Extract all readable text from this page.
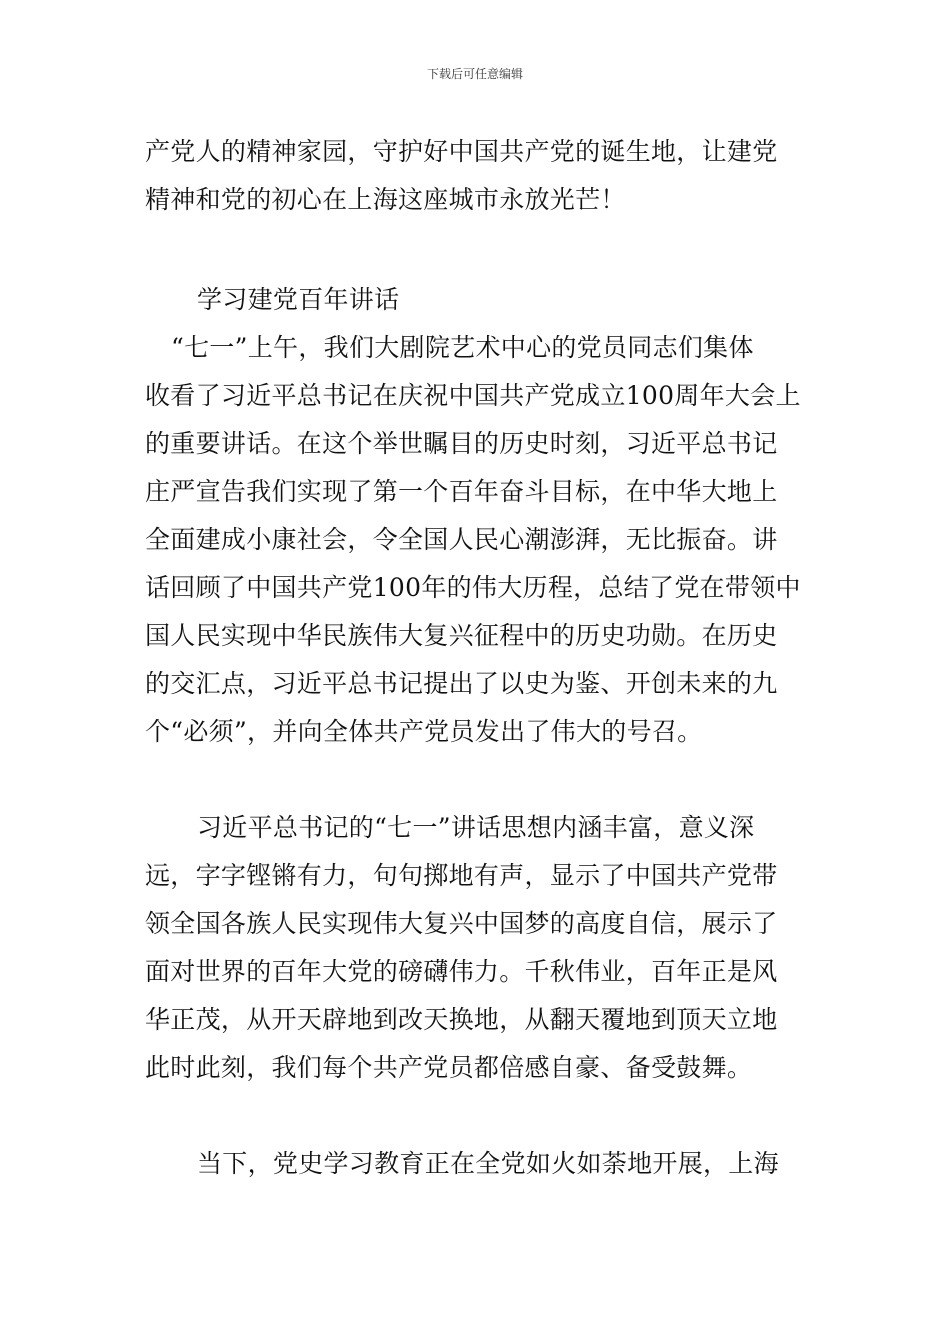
下载后可任意编辑
产党人的精神家园，守护好中国共产党的诞生地，让建党
精神和党的初心在上海这座城市永放光芒！
学习建党百年讲话
“七一”上午，我们大剧院艺术中心的党员同志们集体
收看了习近平总书记在庆祝中国共产党成立100周年大会上
的重要讲话。在这个举世瞩目的历史时刻，习近平总书记
庄严宣告我们实现了第一个百年奋斗目标，在中华大地上
全面建成小康社会，令全国人民心潮澎湃，无比振奋。讲
话回顾了中国共产党100年的伟大历程，总结了党在带领中
国人民实现中华民族伟大复兴征程中的历史功勋。在历史
的交汇点，习近平总书记提出了以史为鉴、开创未来的九
个“必须”，并向全体共产党员发出了伟大的号召。
习近平总书记的“七一”讲话思想内涵丰富，意义深
远，字字铿锵有力，句句掷地有声，显示了中国共产党带
领全国各族人民实现伟大复兴中国梦的高度自信，展示了
面对世界的百年大党的磅礴伟力。千秋伟业，百年正是风
华正茂，从开天辟地到改天换地，从翻天覆地到顶天立地
此时此刻，我们每个共产党员都倍感自豪、备受鼓舞。
当下，党史学习教育正在全党如火如荼地开展，上海
